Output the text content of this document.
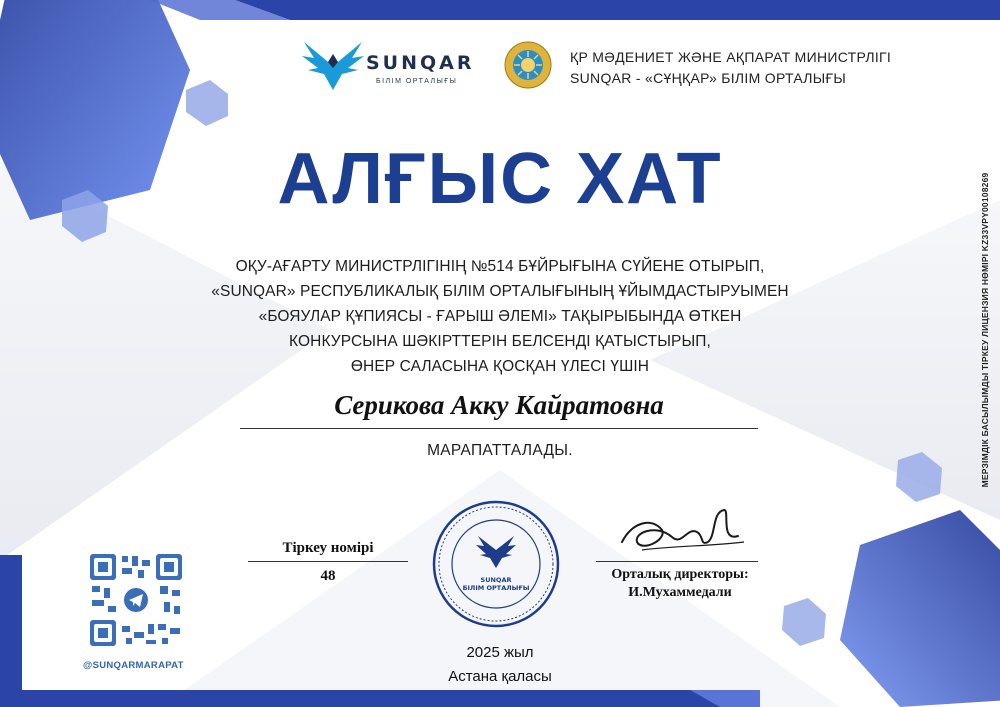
SUNQAR
БІЛІМ ОРТАЛЫҒЫ
ҚР МӘДЕНИЕТ ЖӘНЕ АҚПАРАТ МИНИСТРЛІГІ
SUNQAR - «СҰҢҚАР» БІЛІМ ОРТАЛЫҒЫ
АЛҒЫС ХАТ
ОҚУ-АҒАРТУ МИНИСТРЛІГІНІҢ №514 БҰЙРЫҒЫНА СҮЙЕНЕ ОТЫРЫП,
«SUNQAR» РЕСПУБЛИКАЛЫҚ БІЛІМ ОРТАЛЫҒЫНЫҢ ҰЙЫМДАСТЫРУЫМЕН
«БОЯУЛАР ҚҰПИЯСЫ - ҒАРЫШ ӘЛЕМІ» ТАҚЫРЫБЫНДА ӨТКЕН
КОНКУРСЫНА ШӘКІРТТЕРІН БЕЛСЕНДІ ҚАТЫСТЫРЫП,
ӨНЕР САЛАСЫНА ҚОСҚАН ҮЛЕСІ ҮШІН
Серикова Акку Кайратовна
МАРАПАТТАЛАДЫ.
Тіркеу номірі
48	SUNQAR
БІЛІМ ОРТАЛЫҒЫ
Орталық директоры:
И.Мухаммедали
2025 жыл
Астана қаласы
@SUNQARMARAPAT
МЕРЗІМДІК БАСЫЛЫМДЫ ТІРКЕУ ЛИЦЕНЗИЯ НӨМІРІ KZ33VPY00108269
